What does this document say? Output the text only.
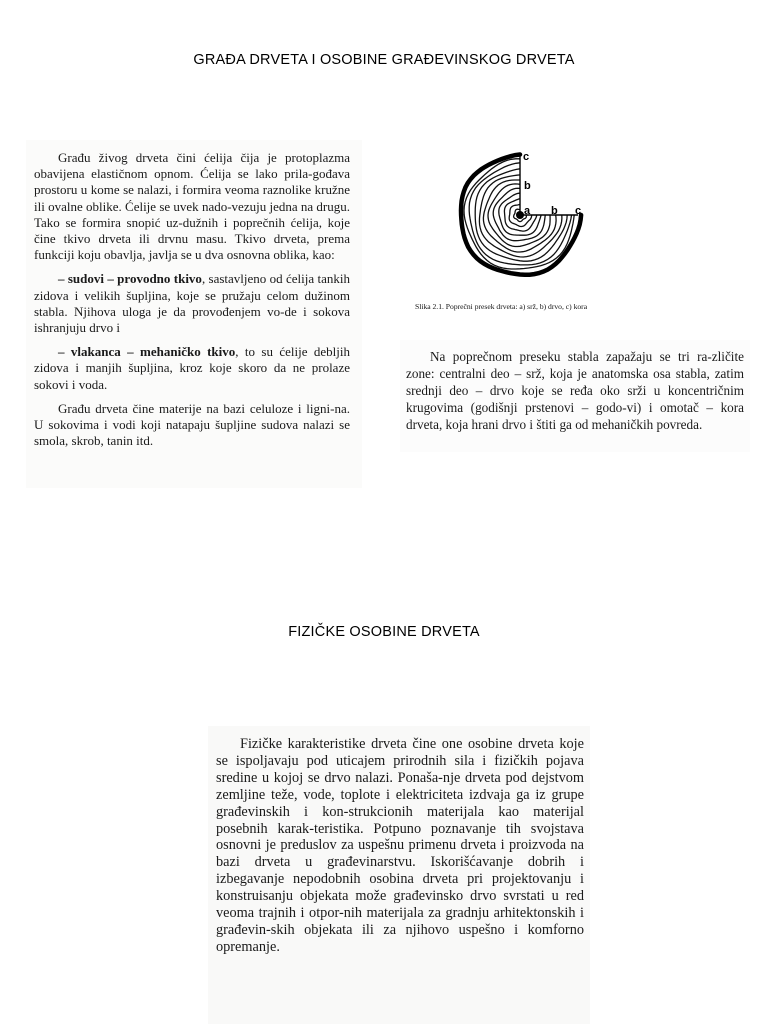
GRAĐA DRVETA I OSOBINE GRAĐEVINSKOG DRVETA

Građu živog drveta čini ćelija čija je protoplazma obavijena elastičnom opnom. Ćelija se lako prila-gođava prostoru u kome se nalazi, i formira veoma raznolike kružne ili ovalne oblike. Ćelije se uvek nado-vezuju jedna na drugu. Tako se formira snopić uz-dužnih i poprečnih ćelija, koje čine tkivo drveta ili drvnu masu. Tkivo drveta, prema funkciji koju obavlja, javlja se u dva osnovna oblika, kao:

– sudovi – provodno tkivo, sastavljeno od ćelija tankih zidova i velikih šupljina, koje se pružaju celom dužinom stabla. Njihova uloga je da provođenjem vo-de i sokova ishranjuju drvo i

– vlakanca – mehaničko tkivo, to su ćelije debljih zidova i manjih šupljina, kroz koje skoro da ne prolaze sokovi i voda.

Građu drveta čine materije na bazi celuloze i ligni-na. U sokovima i vodi koji natapaju šupljine sudova nalazi se smola, skrob, tanin itd.

c
b
a b c
Slika 2.1. Poprečni presek drveta: a) srž, b) drvo, c) kora

Na poprečnom preseku stabla zapažaju se tri ra-zličite zone: centralni deo – srž, koja je anatomska osa stabla, zatim srednji deo – drvo koje se ređa oko srži u koncentričnim krugovima (godišnji prstenovi – godo-vi) i omotač – kora drveta, koja hrani drvo i štiti ga od mehaničkih povreda.

FIZIČKE OSOBINE DRVETA

Fizičke karakteristike drveta čine one osobine drveta koje se ispoljavaju pod uticajem prirodnih sila i fizičkih pojava sredine u kojoj se drvo nalazi. Ponaša-nje drveta pod dejstvom zemljine teže, vode, toplote i elektriciteta izdvaja ga iz grupe građevinskih i kon-strukcionih materijala kao materijal posebnih karak-teristika. Potpuno poznavanje tih svojstava osnovni je preduslov za uspešnu primenu drveta i proizvoda na bazi drveta u građevinarstvu. Iskorišćavanje dobrih i izbegavanje nepodobnih osobina drveta pri projektovanju i konstruisanju objekata može građevinsko drvo svrstati u red veoma trajnih i otpor-nih materijala za gradnju arhitektonskih i građevin-skih objekata ili za njihovo uspešno i komforno opremanje.
